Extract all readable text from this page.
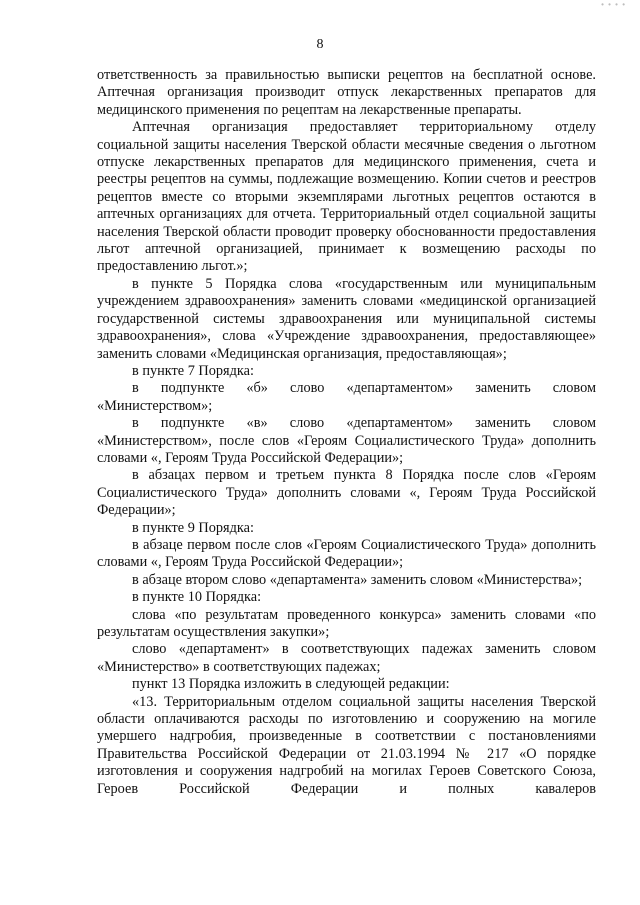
• • • •
8

ответственность за правильностью выписки рецептов на бесплатной основе. Аптечная организация производит отпуск лекарственных препаратов для медицинского применения по рецептам на лекарственные препараты.

Аптечная организация предоставляет территориальному отделу социальной защиты населения Тверской области месячные сведения о льготном отпуске лекарственных препаратов для медицинского применения, счета и реестры рецептов на суммы, подлежащие возмещению. Копии счетов и реестров рецептов вместе со вторыми экземплярами льготных рецептов остаются в аптечных организациях для отчета. Территориальный отдел социальной защиты населения Тверской области проводит проверку обоснованности предоставления льгот аптечной организацией, принимает к возмещению расходы по предоставлению льгот.»;

в пункте 5 Порядка слова «государственным или муниципальным учреждением здравоохранения» заменить словами «медицинской организацией государственной системы здравоохранения или муниципальной системы здравоохранения», слова «Учреждение здравоохранения, предоставляющее» заменить словами «Медицинская организация, предоставляющая»;

в пункте 7 Порядка:

в подпункте «б» слово «департаментом» заменить словом «Министерством»;

в подпункте «в» слово «департаментом» заменить словом «Министерством», после слов «Героям Социалистического Труда» дополнить словами «, Героям Труда Российской Федерации»;

в абзацах первом и третьем пункта 8 Порядка после слов «Героям Социалистического Труда» дополнить словами «, Героям Труда Российской Федерации»;

в пункте 9 Порядка:

в абзаце первом после слов «Героям Социалистического Труда» дополнить словами «, Героям Труда Российской Федерации»;

в абзаце втором слово «департамента» заменить словом «Министерства»;

в пункте 10 Порядка:

слова «по результатам проведенного конкурса» заменить словами «по результатам осуществления закупки»;

слово «департамент» в соответствующих падежах заменить словом «Министерство» в соответствующих падежах;

пункт 13 Порядка изложить в следующей редакции:

«13. Территориальным отделом социальной защиты населения Тверской области оплачиваются расходы по изготовлению и сооружению на могиле умершего надгробия, произведенные в соответствии с постановлениями Правительства Российской Федерации от 21.03.1994 № 217 «О порядке изготовления и сооружения надгробий на могилах Героев Советского Союза, Героев Российской Федерации и полных кавалеров
